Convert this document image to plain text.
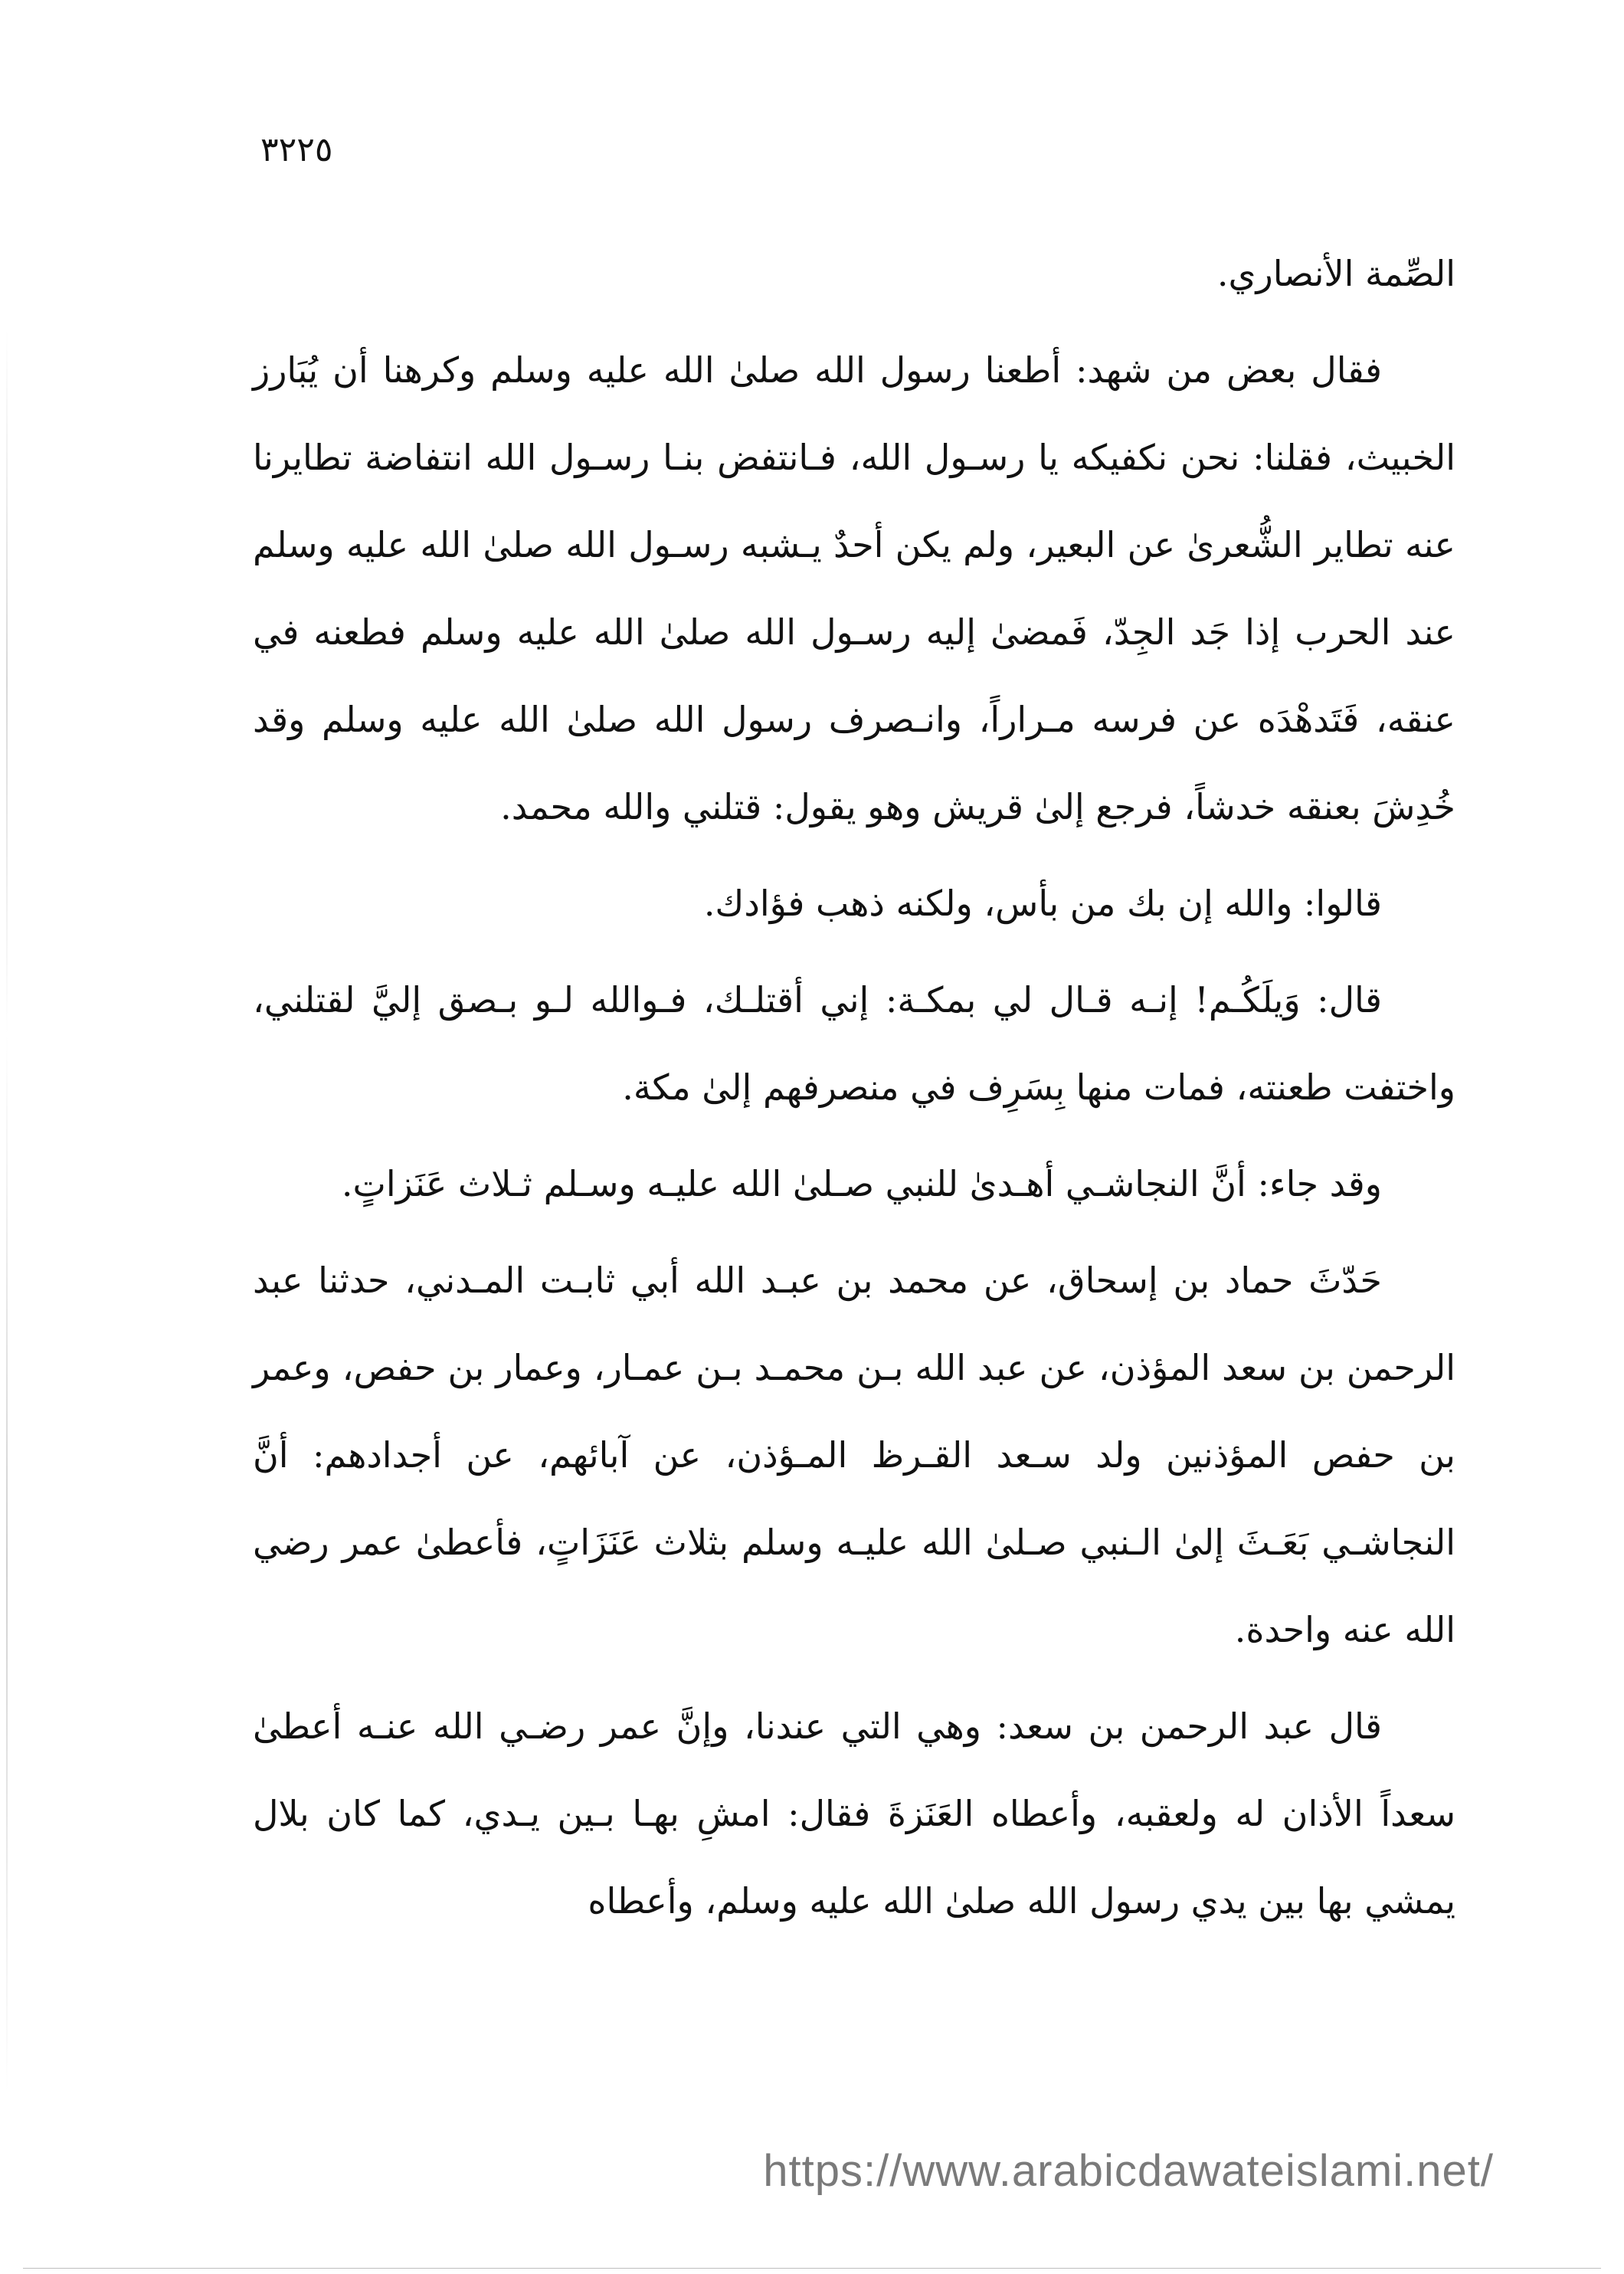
٣٢٢٥

الصِّمة الأنصاري.

فقال بعض من شهد: أطعنا رسول الله صلىٰ الله عليه وسلم وكرهنا أن يُبَارز الخبيث، فقلنا: نحن نكفيكه يا رسـول الله، فـانتفض بنـا رسـول الله انتفاضة تطايرنا عنه تطاير الشُّعرىٰ عن البعير، ولم يكن أحدٌ يـشبه رسـول الله صلىٰ الله عليه وسلم عند الحرب إذا جَد الجِدّ، فَمضىٰ إليه رسـول الله صلىٰ الله عليه وسلم فطعنه في عنقه، فَتَدهْدَه عن فرسه مـراراً، وانـصرف رسول الله صلىٰ الله عليه وسلم وقد خُدِشَ بعنقه خدشاً، فرجع إلىٰ قريش وهو يقول: قتلني والله محمد.

قالوا: والله إن بك من بأس، ولكنه ذهب فؤادك.

قال: وَيلَكُـم! إنـه قـال لي بمكـة: إني أقتلـك، فـوالله لـو بـصق إليَّ لقتلني، واختفت طعنته، فمات منها بِسَرِف في منصرفهم إلىٰ مكة.

وقد جاء: أنَّ النجاشـي أهـدىٰ للنبي صـلىٰ الله عليـه وسـلم ثـلاث عَنَزاتٍ.

حَدّثَ حماد بن إسحاق، عن محمد بن عبـد الله أبي ثابـت المـدني، حدثنا عبد الرحمن بن سعد المؤذن، عن عبد الله بـن محمـد بـن عمـار، وعمار بن حفص، وعمر بن حفص المؤذنين ولد سـعد القـرظ المـؤذن، عن آبائهم، عن أجدادهم: أنَّ النجاشـي بَعَـثَ إلىٰ الـنبي صـلىٰ الله عليـه وسلم بثلاث عَنَزَاتٍ، فأعطىٰ عمر رضي الله عنه واحدة.

قال عبد الرحمن بن سعد: وهي التي عندنا، وإنَّ عمر رضـي الله عنـه أعطىٰ سعداً الأذان له ولعقبه، وأعطاه العَنَزةَ فقال: امشِ بهـا بـين يـدي، كما كان بلال يمشي بها بين يدي رسول الله صلىٰ الله عليه وسلم، وأعطاه

https://www.arabicdawateislami.net/
